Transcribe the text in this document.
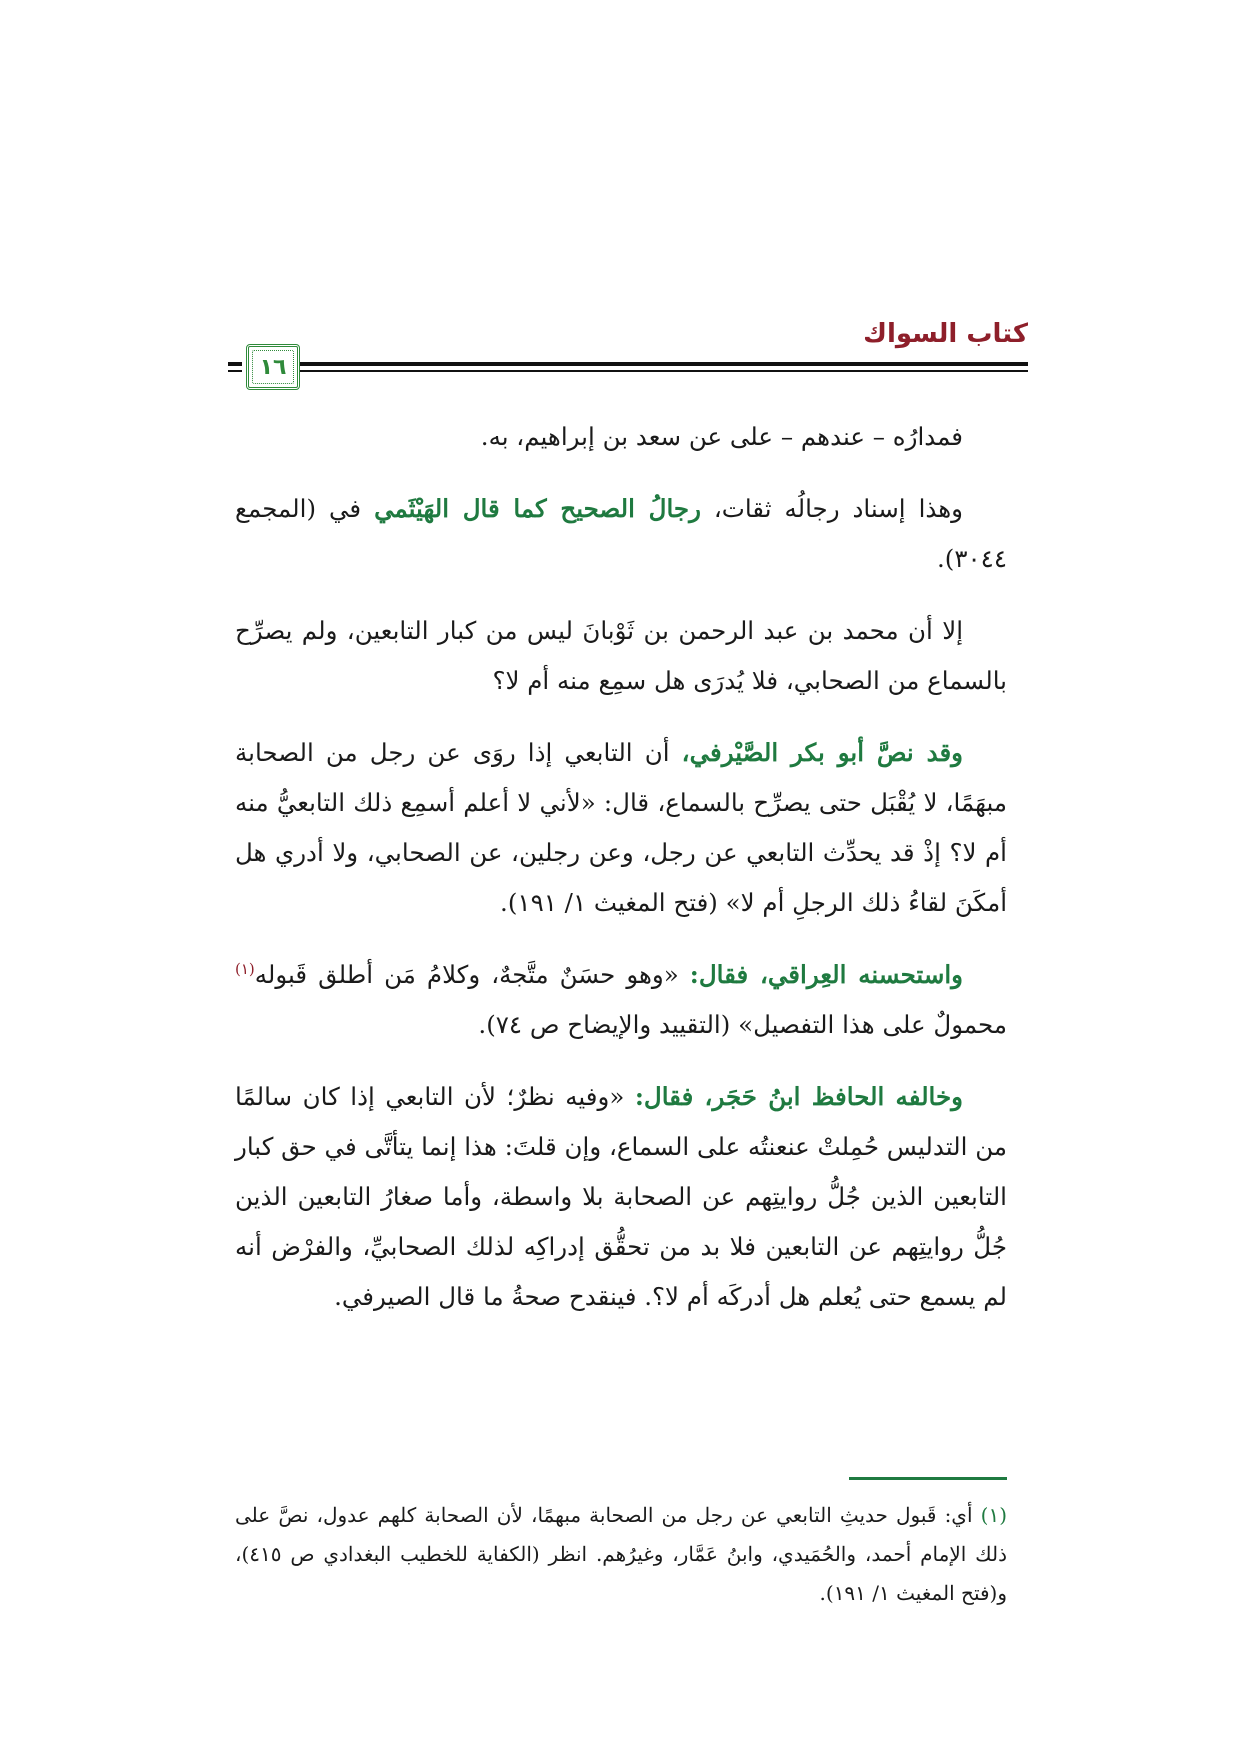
كتاب السواك
١٦

فمدارُه – عندهم – على عن سعد بن إبراهيم، به.

وهذا إسناد رجالُه ثقات، رجالُ الصحيح كما قال الهَيْثَمي في (المجمع ٣٠٤٤).

إلا أن محمد بن عبد الرحمن بن ثَوْبانَ ليس من كبار التابعين، ولم يصرِّح بالسماع من الصحابي، فلا يُدرَى هل سمِع منه أم لا؟

وقد نصَّ أبو بكر الصَّيْرفي، أن التابعي إذا روَى عن رجل من الصحابة مبهَمًا، لا يُقْبَل حتى يصرِّح بالسماع، قال: «لأني لا أعلم أسمِع ذلك التابعيُّ منه أم لا؟ إذْ قد يحدِّث التابعي عن رجل، وعن رجلين، عن الصحابي، ولا أدري هل أمكَنَ لقاءُ ذلك الرجلِ أم لا» (فتح المغيث ١/ ١٩١).

واستحسنه العِراقي، فقال: «وهو حسَنٌ متَّجهٌ، وكلامُ مَن أطلق قَبوله$^{(١)}$ محمولٌ على هذا التفصيل» (التقييد والإيضاح ص ٧٤).

وخالفه الحافظ ابنُ حَجَر، فقال: «وفيه نظرٌ؛ لأن التابعي إذا كان سالمًا من التدليس حُمِلتْ عنعنتُه على السماع، وإن قلتَ: هذا إنما يتأتَّى في حق كبار التابعين الذين جُلُّ روايتِهم عن الصحابة بلا واسطة، وأما صغارُ التابعين الذين جُلُّ روايتِهم عن التابعين فلا بد من تحقُّق إدراكِه لذلك الصحابيِّ، والفرْض أنه لم يسمع حتى يُعلم هل أدركَه أم لا؟. فينقدح صحةُ ما قال الصيرفي.

(١) أي: قَبول حديثِ التابعي عن رجل من الصحابة مبهمًا، لأن الصحابة كلهم عدول، نصَّ على ذلك الإمام أحمد، والحُمَيدي، وابنُ عَمَّار، وغيرُهم. انظر (الكفاية للخطيب البغدادي ص ٤١٥)، و(فتح المغيث ١/ ١٩١).
